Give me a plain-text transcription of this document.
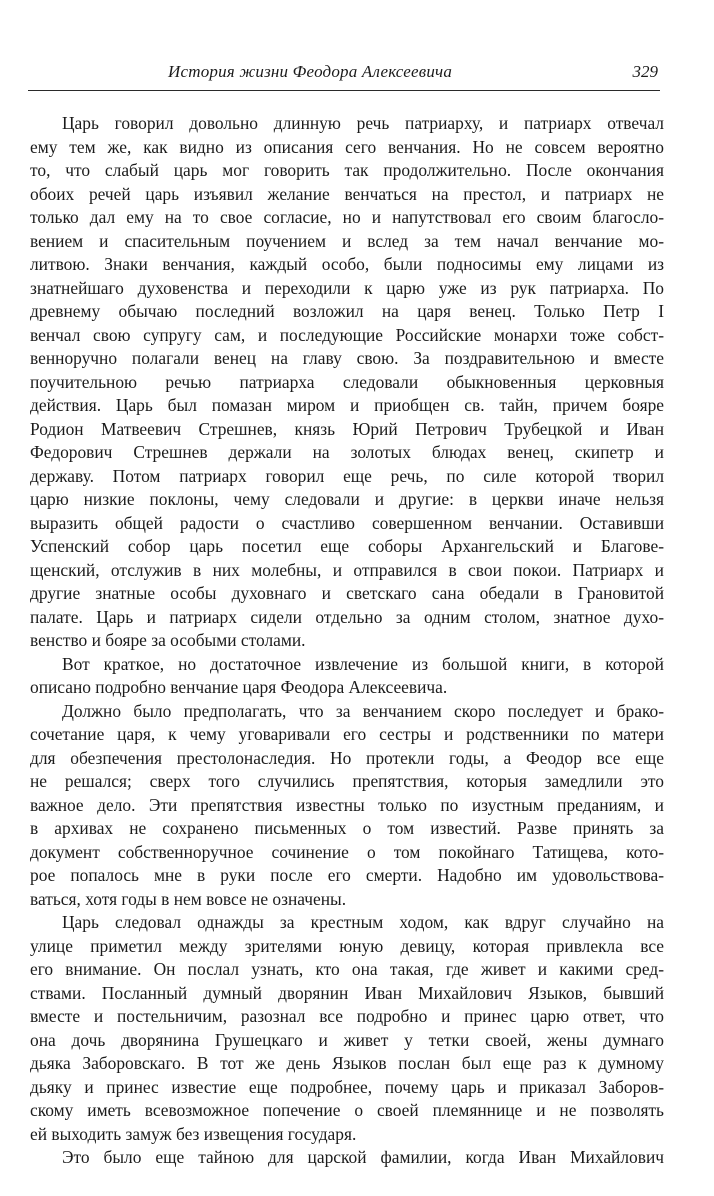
История жизни Феодора Алексеевича	329
Царь говорил довольно длинную речь патриарху, и патриарх отвечал
ему тем же, как видно из описания сего венчания. Но не совсем вероятно
то, что слабый царь мог говорить так продолжительно. После окончания
обоих речей царь изъявил желание венчаться на престол, и патриарх не
только дал ему на то свое согласие, но и напутствовал его своим благосло-
вением и спасительным поучением и вслед за тем начал венчание мо-
литвою. Знаки венчания, каждый особо, были подносимы ему лицами из
знатнейшаго духовенства и переходили к царю уже из рук патриарха. По
древнему обычаю последний возложил на царя венец. Только Петр I
венчал свою супругу сам, и последующие Российские монархи тоже собст-
венноручно полагали венец на главу свою. За поздравительною и вместе
поучительною речью патриарха следовали обыкновенныя церковныя
действия. Царь был помазан миром и приобщен св. тайн, причем бояре
Родион Матвеевич Стрешнев, князь Юрий Петрович Трубецкой и Иван
Федорович Стрешнев держали на золотых блюдах венец, скипетр и
державу. Потом патриарх говорил еще речь, по силе которой творил
царю низкие поклоны, чему следовали и другие: в церкви иначе нельзя
выразить общей радости о счастливо совершенном венчании. Оставивши
Успенский собор царь посетил еще соборы Архангельский и Благове-
щенский, отслужив в них молебны, и отправился в свои покои. Патриарх и
другие знатные особы духовнаго и светскаго сана обедали в Грановитой
палате. Царь и патриарх сидели отдельно за одним столом, знатное духо-
венство и бояре за особыми столами.
Вот краткое, но достаточное извлечение из большой книги, в которой
описано подробно венчание царя Феодора Алексеевича.
Должно было предполагать, что за венчанием скоро последует и брако-
сочетание царя, к чему уговаривали его сестры и родственники по матери
для обезпечения престолонаследия. Но протекли годы, а Феодор все еще
не решался; сверх того случились препятствия, которыя замедлили это
важное дело. Эти препятствия известны только по изустным преданиям, и
в архивах не сохранено письменных о том известий. Разве принять за
документ собственноручное сочинение о том покойнаго Татищева, кото-
рое попалось мне в руки после его смерти. Надобно им удовольствова-
ваться, хотя годы в нем вовсе не означены.
Царь следовал однажды за крестным ходом, как вдруг случайно на
улице приметил между зрителями юную девицу, которая привлекла все
его внимание. Он послал узнать, кто она такая, где живет и какими сред-
ствами. Посланный думный дворянин Иван Михайлович Языков, бывший
вместе и постельничим, разознал все подробно и принес царю ответ, что
она дочь дворянина Грушецкаго и живет у тетки своей, жены думнаго
дьяка Заборовскаго. В тот же день Языков послан был еще раз к думному
дьяку и принес известие еще подробнее, почему царь и приказал Заборов-
скому иметь всевозможное попечение о своей племяннице и не позволять
ей выходить замуж без извещения государя.
Это было еще тайною для царской фамилии, когда Иван Михайлович
